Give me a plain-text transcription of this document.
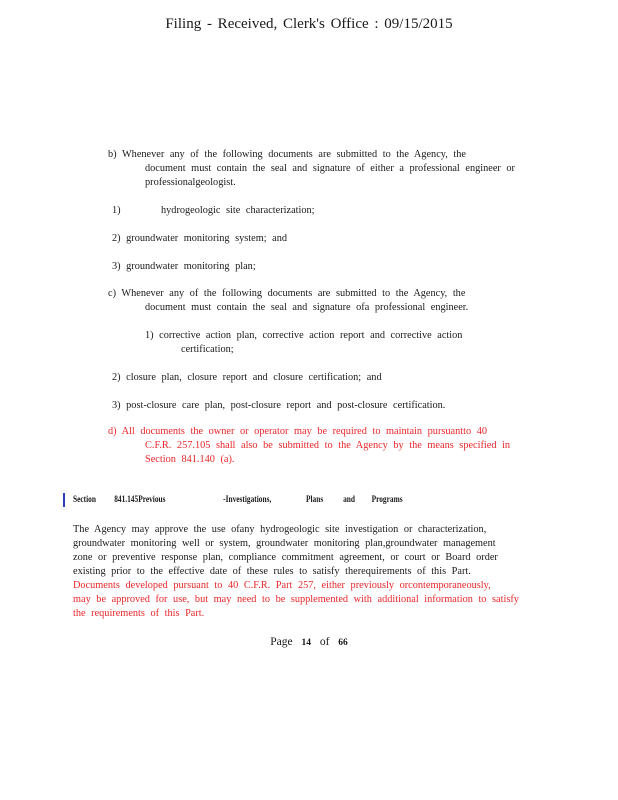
Filing - Received, Clerk's Office : 09/15/2015
b) Whenever any of the following documents are submitted to the Agency, the
document must contain the seal and signature of either a professional engineer or
professionalgeologist.
1)	hydrogeologic site characterization;
2) groundwater monitoring system; and
3) groundwater monitoring plan;
c) Whenever any of the following documents are submitted to the Agency, the
document must contain the seal and signature ofa professional engineer.
1) corrective action plan, corrective action report and corrective action
certification;
2) closure plan, closure report and closure certification; and
3) post-closure care plan, post-closure report and post-closure certification.
d) All documents the owner or operator may be required to maintain pursuantto 40
C.F.R. 257.105 shall also be submitted to the Agency by the means specified in
Section 841.140 (a).
Section 841.145Previous	-Investigations,	Plans and Programs
The Agency may approve the use ofany hydrogeologic site investigation or characterization,
groundwater monitoring well or system, groundwater monitoring plan,groundwater management
zone or preventive response plan, compliance commitment agreement, or court or Board order
existing prior to the effective date of these rules to satisfy therequirements of this Part.
Documents developed pursuant to 40 C.F.R. Part 257, either previously orcontemporaneously,
may be approved for use, but may need to be supplemented with additional information to satisfy
the requirements of this Part.
Page 14 of 66
